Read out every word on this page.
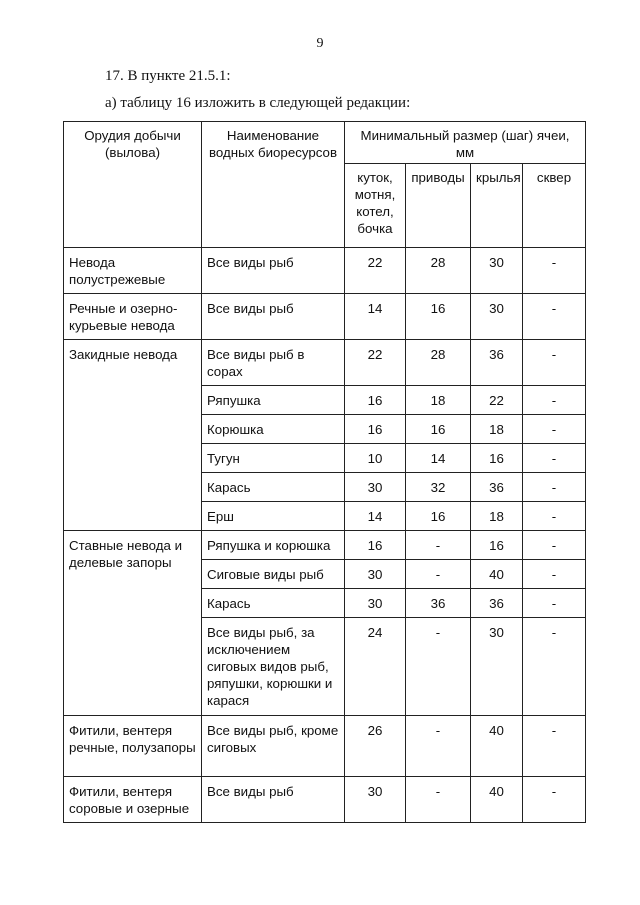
9
17. В пункте 21.5.1:
а) таблицу 16 изложить в следующей редакции:
Орудия добычи (вылова)	Наименование водных биоресурсов	Минимальный размер (шаг) ячеи, мм			
		куток, мотня, котел, бочка	приводы	крылья	сквер
Невода полустрежевые	Все виды рыб	22	28	30	-
Речные и озерно-курьевые невода	Все виды рыб	14	16	30	-
Закидные невода	Все виды рыб в сорах	22	28	36	-
	Ряпушка	16	18	22	-
	Корюшка	16	16	18	-
	Тугун	10	14	16	-
	Карась	30	32	36	-
	Ерш	14	16	18	-
Ставные невода и делевые запоры	Ряпушка и корюшка	16	-	16	-
	Сиговые виды рыб	30	-	40	-
	Карась	30	36	36	-
	Все виды рыб, за исключением сиговых видов рыб, ряпушки, корюшки и карася	24	-	30	-
Фитили, вентеря речные, полузапоры	Все виды рыб, кроме сиговых	26	-	40	-
Фитили, вентеря соровые и озерные	Все виды рыб	30	-	40	-
